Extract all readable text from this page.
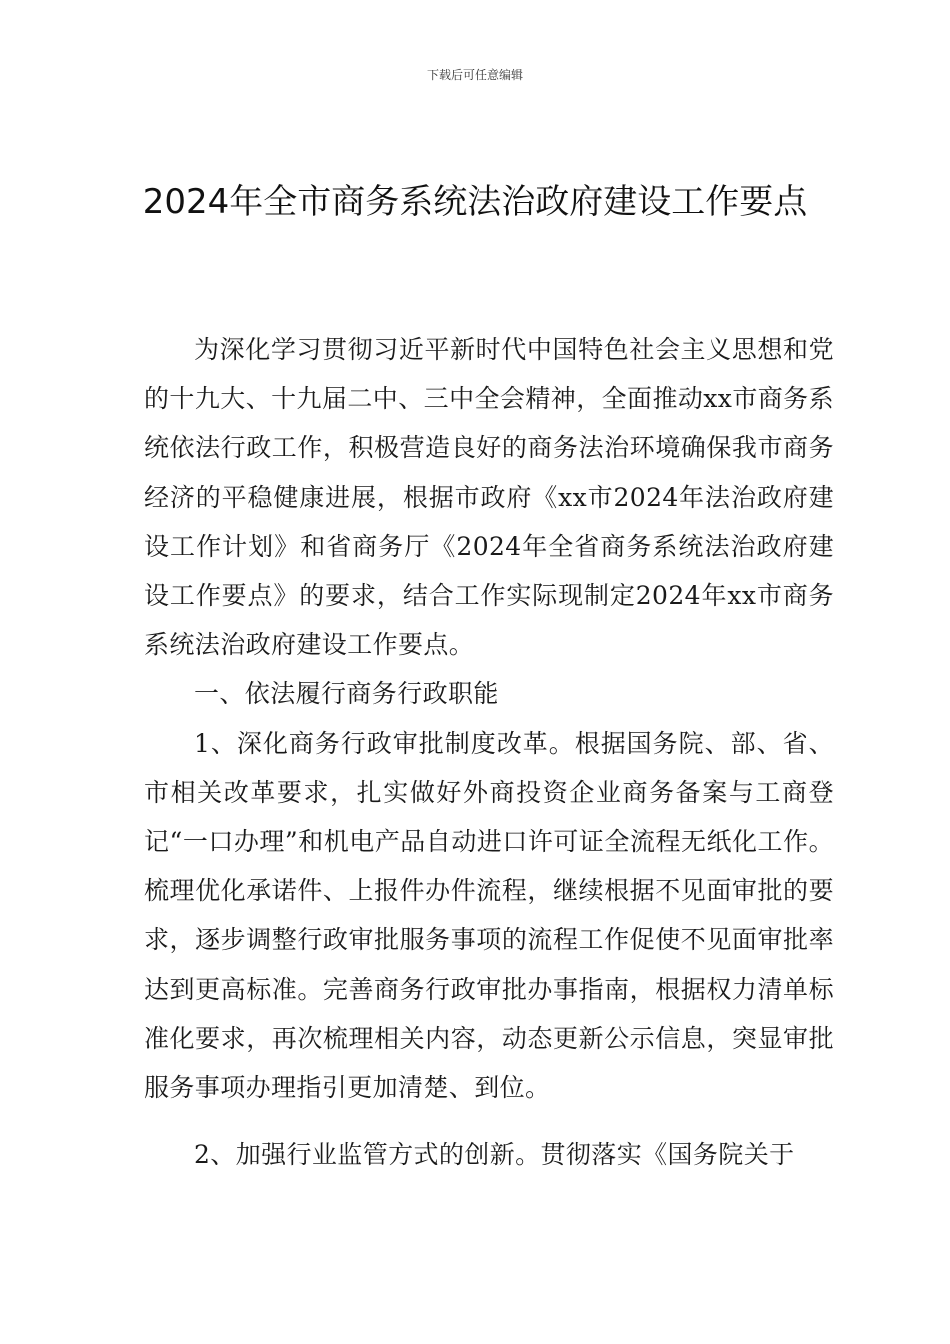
下载后可任意编辑
2024年全市商务系统法治政府建设工作要点

为深化学习贯彻习近平新时代中国特色社会主义思想和党的十九大、十九届二中、三中全会精神，全面推动xx市商务系统依法行政工作，积极营造良好的商务法治环境确保我市商务经济的平稳健康进展，根据市政府《xx市2024年法治政府建设工作计划》和省商务厅《2024年全省商务系统法治政府建设工作要点》的要求，结合工作实际现制定2024年xx市商务系统法治政府建设工作要点。

一、依法履行商务行政职能

1、深化商务行政审批制度改革。根据国务院、部、省、市相关改革要求，扎实做好外商投资企业商务备案与工商登记“一口办理”和机电产品自动进口许可证全流程无纸化工作。梳理优化承诺件、上报件办件流程，继续根据不见面审批的要求，逐步调整行政审批服务事项的流程工作促使不见面审批率达到更高标准。完善商务行政审批办事指南，根据权力清单标准化要求，再次梳理相关内容，动态更新公示信息，突显审批服务事项办理指引更加清楚、到位。

2、加强行业监管方式的创新。贯彻落实《国务院关于
